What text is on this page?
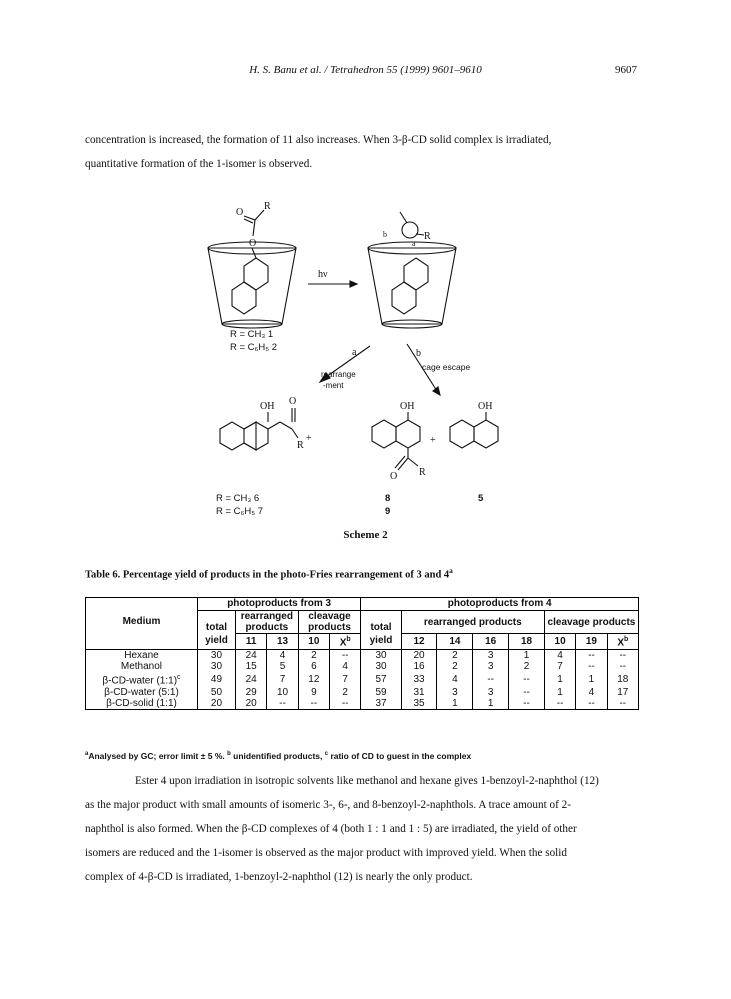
H. S. Banu et al. / Tetrahedron 55 (1999) 9601–9610	9607

concentration is increased, the formation of 11 also increases. When 3-β-CD solid complex is irradiated,

quantitative formation of the 1-isomer is observed.

O
R
O
hν
b
a
R
R = CH₃ 1
R = C₆H₅ 2	a
rearrange
-ment
b
cage escape
OH O
R
+
OH
O R
+
OH
R = CH₃ 6
R = C₆H₅ 7
8
9
5
Scheme 2
Table 6. Percentage yield of products in the photo-Fries rearrangement of 3 and 4$^a$
	photoproducts from 3					photoproducts from 4							
Medium	total	rearranged products		cleavage products		total	rearranged products				cleavage products		
	yield	11	13	10	$X^b$	yield	12	14	16	18	10	19	$X^b$
Hexane	30	24	4	2	--	30	20	2	3	1	4	--	--
Methanol	30	15	5	6	4	30	16	2	3	2	7	--	--
β-CD-water (1:1)$^c$	49	24	7	12	7	57	33	4	--	--	1	1	18
β-CD-water (5:1)	50	29	10	9	2	59	31	3	3	--	1	4	17
β-CD-solid (1:1)	20	20	--	--	--	37	35	1	1	--	--	--	--
$^a$Analysed by GC; error limit ± 5 %. $^b$ unidentified products, $^c$ ratio of CD to guest in the complex

Ester 4 upon irradiation in isotropic solvents like methanol and hexane gives 1-benzoyl-2-naphthol (12)

as the major product with small amounts of isomeric 3-, 6-, and 8-benzoyl-2-naphthols. A trace amount of 2-

naphthol is also formed. When the β-CD complexes of 4 (both 1 : 1 and 1 : 5) are irradiated, the yield of other

isomers are reduced and the 1-isomer is observed as the major product with improved yield. When the solid

complex of 4-β-CD is irradiated, 1-benzoyl-2-naphthol (12) is nearly the only product.
